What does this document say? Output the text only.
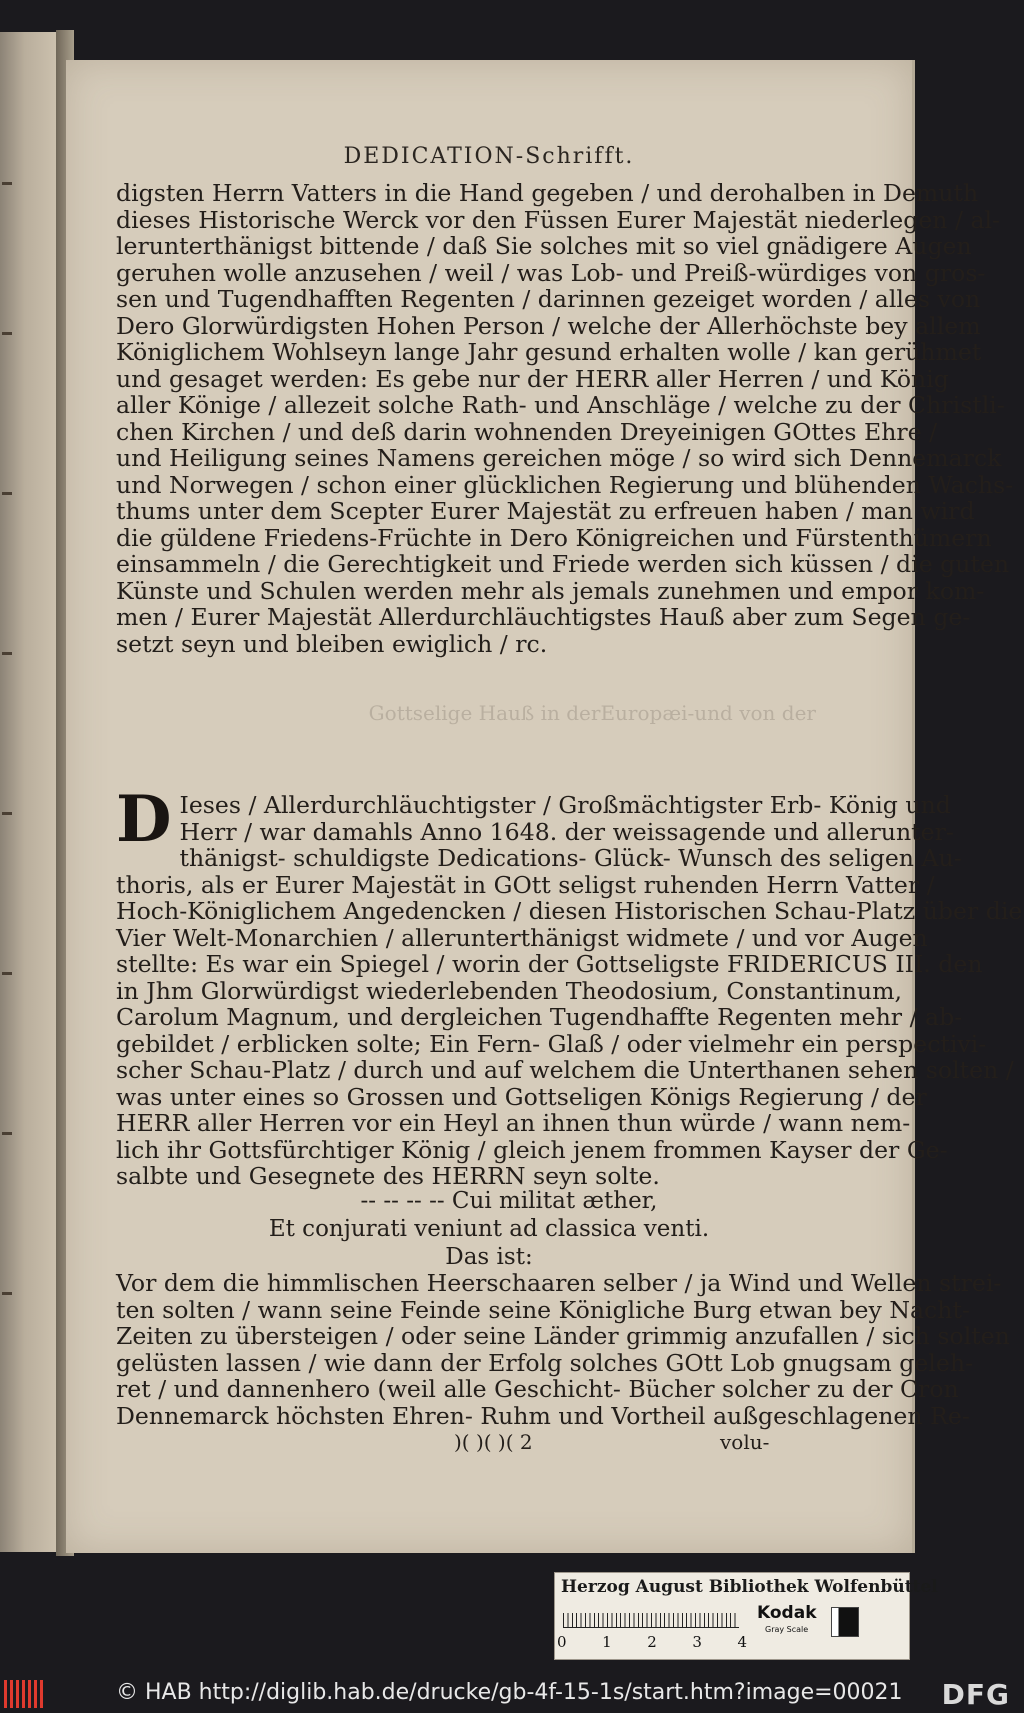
DEDICATION-Schrifft.
digsten Herrn Vatters in die Hand gegeben / und derohalben in Demuth
dieses Historische Werck vor den Füssen Eurer Majestät niederlegen / al-
lerunterthänigst bittende / daß Sie solches mit so viel gnädigere Augen
geruhen wolle anzusehen / weil / was Lob- und Preiß-würdiges von gros-
sen und Tugendhafften Regenten / darinnen gezeiget worden / alles von
Dero Glorwürdigsten Hohen Person / welche der Allerhöchste bey allem
Königlichem Wohlseyn lange Jahr gesund erhalten wolle / kan gerühmet
und gesaget werden: Es gebe nur der HERR aller Herren / und König
aller Könige / allezeit solche Rath- und Anschläge / welche zu der Christli-
chen Kirchen / und deß darin wohnenden Dreyeinigen GOttes Ehre /
und Heiligung seines Namens gereichen möge / so wird sich Dennemarck
und Norwegen / schon einer glücklichen Regierung und blühenden Wachs-
thums unter dem Scepter Eurer Majestät zu erfreuen haben / man wird
die güldene Friedens-Früchte in Dero Königreichen und Fürstenthümern
einsammeln / die Gerechtigkeit und Friede werden sich küssen / die guten
Künste und Schulen werden mehr als jemals zunehmen und empor kom-
men / Eurer Majestät Allerdurchläuchtigstes Hauß aber zum Segen ge-
setzt seyn und bleiben ewiglich / rc.
Gottselige Hauß in derEuropæi-und von der
D Ieses / Allerdurchläuchtigster / Großmächtigster Erb- König und
Herr / war damahls Anno 1648. der weissagende und allerunter-
thänigst- schuldigste Dedications- Glück- Wunsch des seligen Au-
thoris, als er Eurer Majestät in GOtt seligst ruhenden Herrn Vatter /
Hoch-Königlichem Angedencken / diesen Historischen Schau-Platz über die
Vier Welt-Monarchien / allerunterthänigst widmete / und vor Augen
stellte: Es war ein Spiegel / worin der Gottseligste FRIDERICUS III. den
in Jhm Glorwürdigst wiederlebenden Theodosium, Constantinum,
Carolum Magnum, und dergleichen Tugendhaffte Regenten mehr / ab-
gebildet / erblicken solte; Ein Fern- Glaß / oder vielmehr ein perspectivi-
scher Schau-Platz / durch und auf welchem die Unterthanen sehen solten /
was unter eines so Grossen und Gottseligen Königs Regierung / der
HERR aller Herren vor ein Heyl an ihnen thun würde / wann nem-
lich ihr Gottsfürchtiger König / gleich jenem frommen Kayser der Ge-
salbte und Gesegnete des HERRN seyn solte.
-- -- -- -- Cui militat æther,
Et conjurati veniunt ad classica venti.
Das ist:
Vor dem die himmlischen Heerschaaren selber / ja Wind und Wellen strei-
ten solten / wann seine Feinde seine Königliche Burg etwan bey Nacht-
Zeiten zu übersteigen / oder seine Länder grimmig anzufallen / sich solten
gelüsten lassen / wie dann der Erfolg solches GOtt Lob gnugsam geleh-
ret / und dannenhero (weil alle Geschicht- Bücher solcher zu der Cron
Dennemarck höchsten Ehren- Ruhm und Vortheil außgeschlagenen Re-
)( )( )( 2	volu-
Herzog August Bibliothek Wolfenbüttel
0 1 2 3 4
Kodak
Gray Scale
© HAB http://diglib.hab.de/drucke/gb-4f-15-1s/start.htm?image=00021 DFG
